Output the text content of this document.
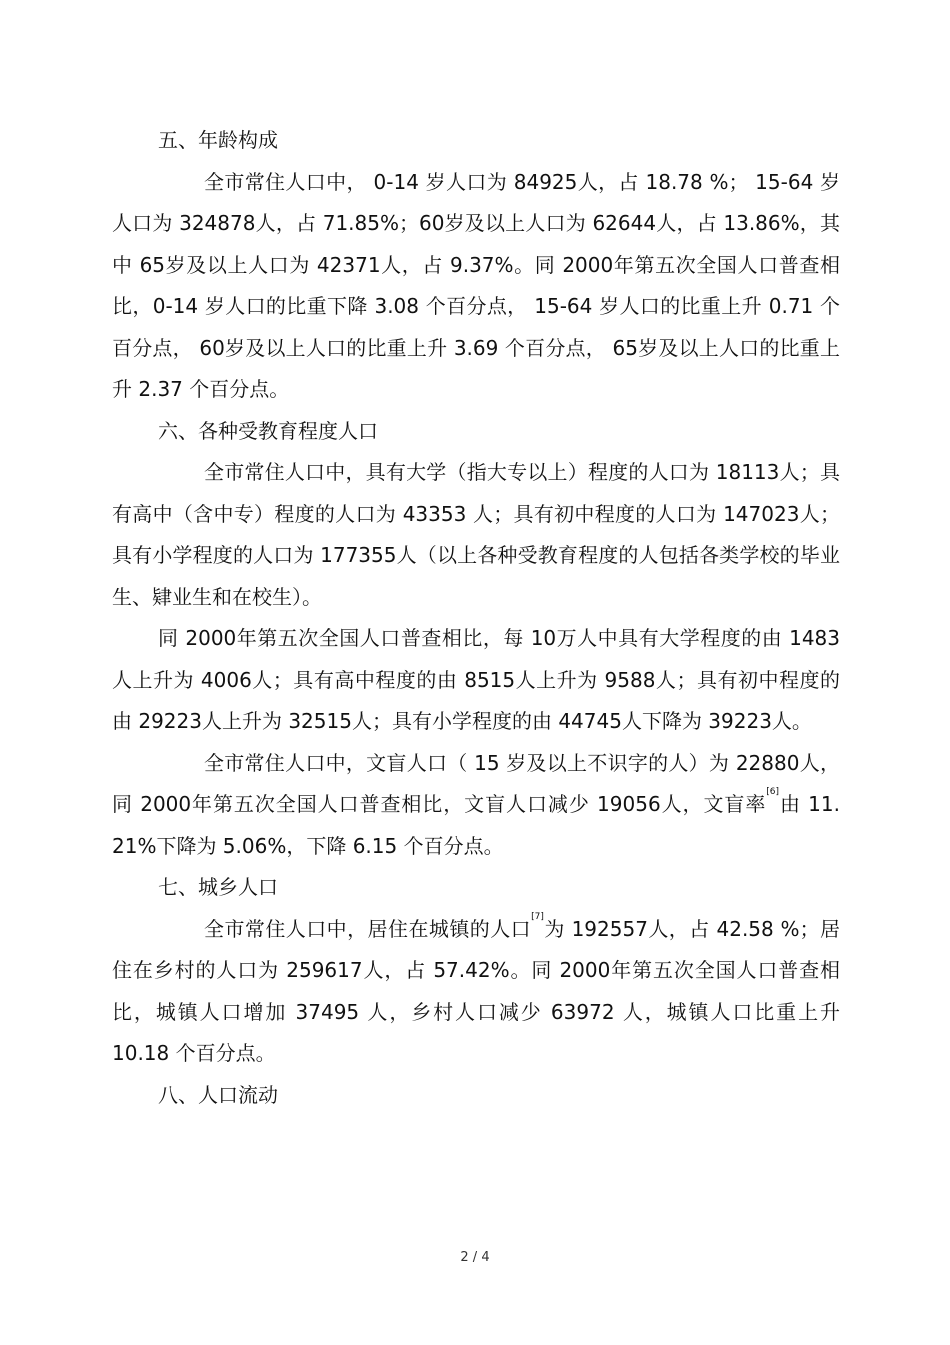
五、年龄构成

全市常住人口中， 0-14 岁人口为 84925人，占 18.78 %； 15-64 岁人口为 324878人，占 71.85%；60岁及以上人口为 62644人，占 13.86%，其中 65岁及以上人口为 42371人，占 9.37%。同 2000年第五次全国人口普查相比，0-14 岁人口的比重下降 3.08 个百分点， 15-64 岁人口的比重上升 0.71 个百分点， 60岁及以上人口的比重上升 3.69 个百分点， 65岁及以上人口的比重上升 2.37 个百分点。

六、各种受教育程度人口

全市常住人口中，具有大学（指大专以上）程度的人口为 18113人；具有高中（含中专）程度的人口为 43353 人；具有初中程度的人口为 147023人；具有小学程度的人口为 177355人（以上各种受教育程度的人包括各类学校的毕业生、肄业生和在校生）。

同 2000年第五次全国人口普查相比，每 10万人中具有大学程度的由 1483人上升为 4006人；具有高中程度的由 8515人上升为 9588人；具有初中程度的由 29223人上升为 32515人；具有小学程度的由 44745人下降为 39223人。

全市常住人口中，文盲人口（ 15 岁及以上不识字的人）为 22880人，同 2000年第五次全国人口普查相比，文盲人口减少 19056人，文盲率[6]由 11. 21%下降为 5.06%，下降 6.15 个百分点。

七、城乡人口

全市常住人口中，居住在城镇的人口[7]为 192557人，占 42.58 %；居住在乡村的人口为 259617人，占 57.42%。同 2000年第五次全国人口普查相比，城镇人口增加 37495 人，乡村人口减少 63972 人，城镇人口比重上升 10.18 个百分点。

八、人口流动

2 / 4
